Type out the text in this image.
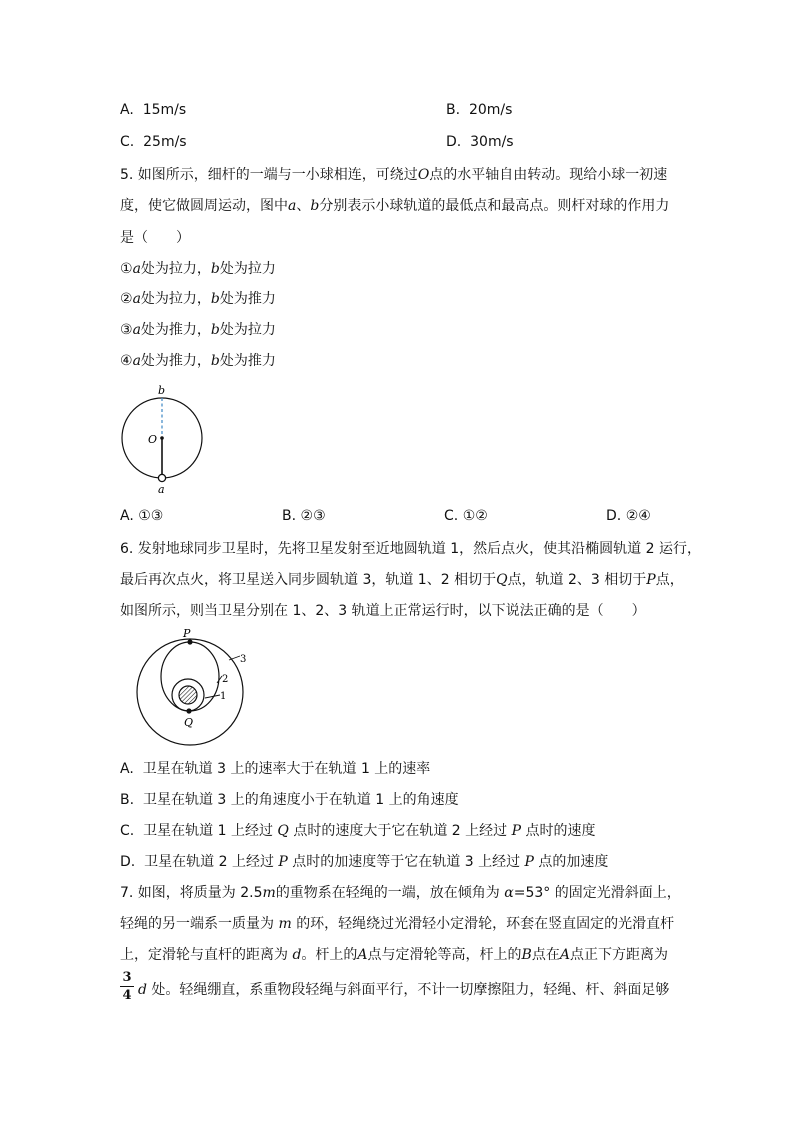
A. 15m/s	B. 20m/s
C. 25m/s	D. 30m/s
5. 如图所示，细杆的一端与一小球相连，可绕过O点的水平轴自由转动。现给小球一初速
度，使它做圆周运动，图中a、b分别表示小球轨道的最低点和最高点。则杆对球的作用力
是（　　）
①a处为拉力，b处为拉力
②a处为拉力，b处为推力
③a处为推力，b处为拉力
④a处为推力，b处为推力
b
O
a
A. ①③	B. ②③	C. ①②	D. ②④
6. 发射地球同步卫星时，先将卫星发射至近地圆轨道 1，然后点火，使其沿椭圆轨道 2 运行，
最后再次点火，将卫星送入同步圆轨道 3，轨道 1、2 相切于Q点，轨道 2、3 相切于P点，
如图所示，则当卫星分别在 1、2、3 轨道上正常运行时，以下说法正确的是（　　）
P
Q
3
2
1
A. 卫星在轨道 3 上的速率大于在轨道 1 上的速率
B. 卫星在轨道 3 上的角速度小于在轨道 1 上的角速度
C. 卫星在轨道 1 上经过 Q 点时的速度大于它在轨道 2 上经过 P 点时的速度
D. 卫星在轨道 2 上经过 P 点时的加速度等于它在轨道 3 上经过 P 点的加速度
7. 如图，将质量为 2.5m的重物系在轻绳的一端，放在倾角为 α=53° 的固定光滑斜面上，
轻绳的另一端系一质量为 m 的环，轻绳绕过光滑轻小定滑轮，环套在竖直固定的光滑直杆
上，定滑轮与直杆的距离为 d。杆上的A点与定滑轮等高，杆上的B点在A点正下方距离为
3
4 d 处。轻绳绷直，系重物段轻绳与斜面平行，不计一切摩擦阻力，轻绳、杆、斜面足够
